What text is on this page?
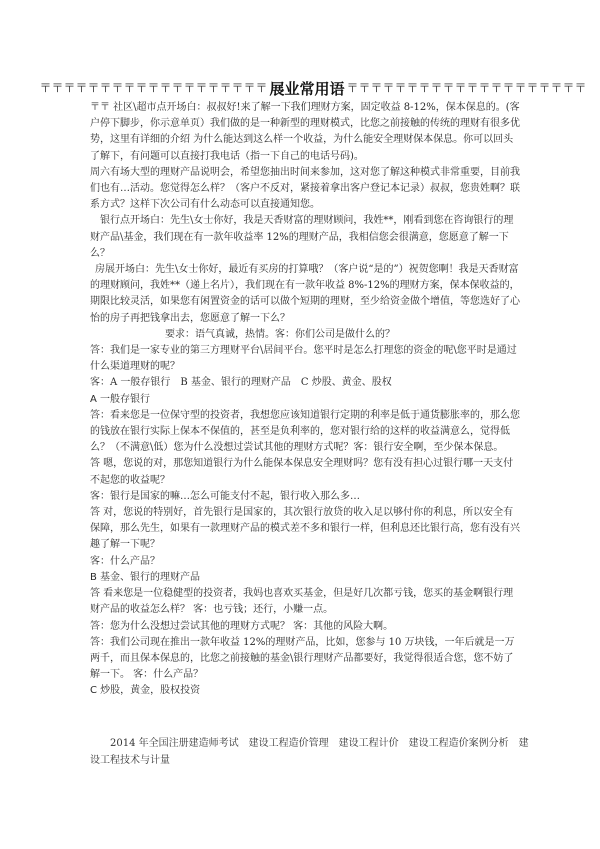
〒〒〒〒〒〒〒〒〒〒〒〒〒〒〒〒〒〒〒 展业常用语 〒〒〒〒〒〒〒〒〒〒〒〒〒〒〒〒〒〒〒〒

〒〒 社区\超市点开场白：叔叔好!来了解一下我们理财方案，固定收益 8-12%，保本保息的。(客户停下脚步，你示意单页）我们做的是一种新型的理财模式，比您之前接触的传统的理财有很多优势，这里有详细的介绍 为什么能达到这么样一个收益，为什么能安全理财保本保息。你可以回头了解下，有问题可以直接打我电话（指一下自己的电话号码)。

周六有场大型的理财产品说明会，希望您抽出时间来参加，这对您了解这种模式非常重要，目前我们也有…活动。您觉得怎么样？（客户不反对，紧接着拿出客户登记本记录）叔叔，您贵姓啊？联系方式？这样下次公司有什么动态可以直接通知您。

银行点开场白：先生\女士你好，我是天香财富的理财顾问，我姓**，刚看到您在咨询银行的理财产品\基金，我们现在有一款年收益率 12%的理财产品，我相信您会很满意，您愿意了解一下么？

房展开场白：先生\女士你好，最近有买房的打算哦？（客户说“是的”）祝贺您啊！我是天香财富的理财顾问，我姓**（递上名片），我们现在有一款年收益 8%-12%的理财方案，保本保收益的，期限比较灵活，如果您有闲置资金的话可以做个短期的理财，至少给资金做个增值，等您选好了心怡的房子再把钱拿出去，您愿意了解一下么？

要求：语气真诚，热情。客：你们公司是做什么的？

答：我们是一家专业的第三方理财平台\居间平台。您平时是怎么打理您的资金的呢\您平时是通过什么渠道理财的呢？

客：A 一般存银行　B 基金、银行的理财产品　C 炒股、黄金、股权

A 一般存银行

答：看来您是一位保守型的投资者，我想您应该知道银行定期的利率是低于通货膨胀率的，那么您的钱放在银行实际上保本不保值的，甚至是负利率的，您对银行给的这样的收益满意么，觉得低么？（不满意\低）您为什么没想过尝试其他的理财方式呢？客：银行安全啊，至少保本保息。

答 嗯，您说的对，那您知道银行为什么能保本保息安全理财吗？您有没有担心过银行哪一天支付不起您的收益呢？

客：银行是国家的嘛…怎么可能支付不起，银行收入那么多…

答 对，您说的特别好，首先银行是国家的，其次银行放贷的收入足以够付你的利息，所以安全有保障，那么先生，如果有一款理财产品的模式差不多和银行一样，但利息还比银行高，您有没有兴趣了解一下呢？

客：什么产品？

B 基金、银行的理财产品

答 看来您是一位稳健型的投资者，我妈也喜欢买基金，但是好几次都亏钱，您买的基金啊银行理财产品的收益怎么样？ 客：也亏钱；还行，小赚一点。

答：您为什么没想过尝试其他的理财方式呢？ 客：其他的风险大啊。

答：我们公司现在推出一款年收益 12%的理财产品，比如，您参与 10 万块钱，一年后就是一万两千，而且保本保息的，比您之前接触的基金\银行理财产品都要好，我觉得很适合您，您不妨了解一下。 客：什么产品？

C 炒股，黄金，股权投资

2014 年全国注册建造师考试　建设工程造价管理　建设工程计价　建设工程造价案例分析　建设工程技术与计量
